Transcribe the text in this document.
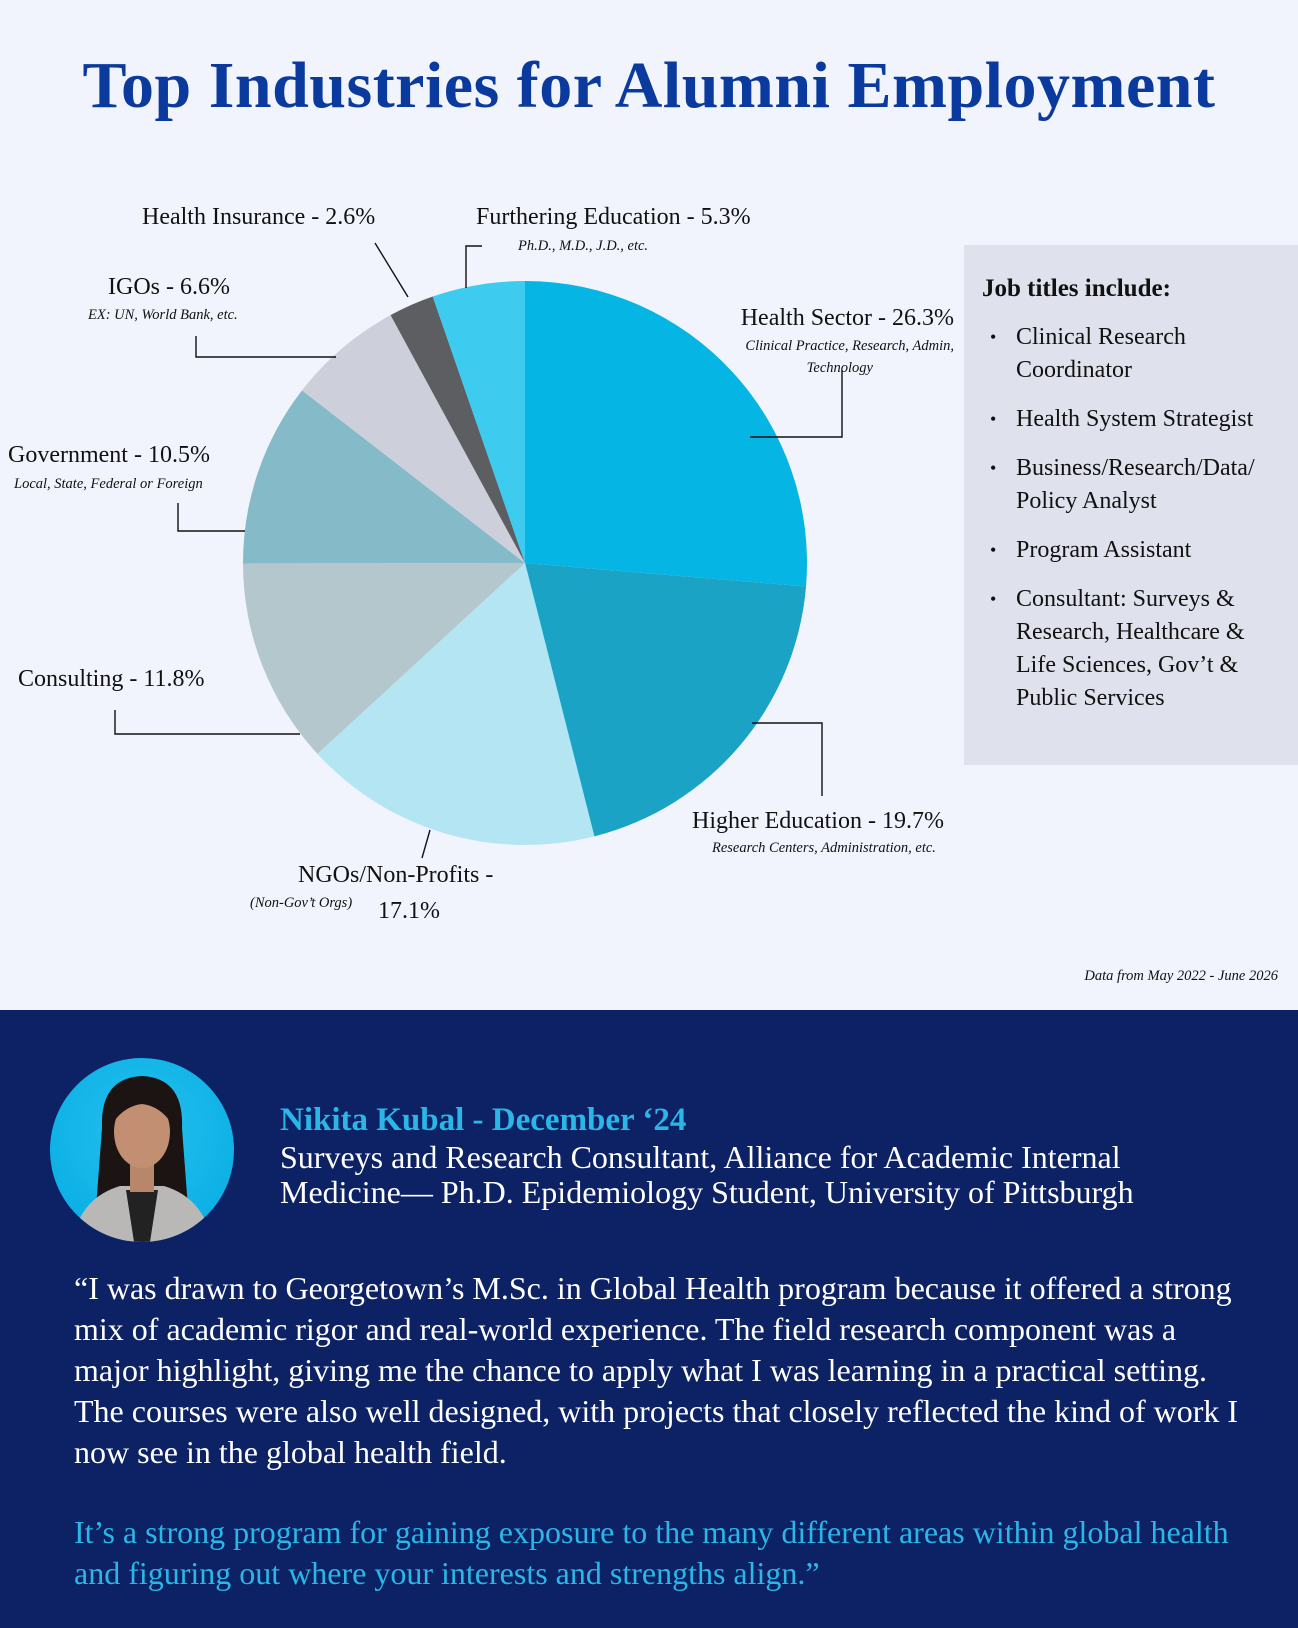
Top Industries for Alumni Employment
Health Sector - 26.3%
Clinical Practice, Research, Admin,
Technology
Higher Education - 19.7%
Research Centers, Administration, etc.
NGOs/Non-Profits -
(Non-Gov’t Orgs) 17.1%
Consulting - 11.8%
Government - 10.5%
Local, State, Federal or Foreign
IGOs - 6.6%
EX: UN, World Bank, etc.
Health Insurance - 2.6%	Furthering Education - 5.3%
Ph.D., M.D., J.D., etc.
Job titles include:
• Clinical Research Coordinator
• Health System Strategist
• Business/Research/Data/ Policy Analyst
• Program Assistant
• Consultant: Surveys & Research, Healthcare & Life Sciences, Gov’t & Public Services
Data from May 2022 - June 2026
Nikita Kubal - December ‘24
Surveys and Research Consultant, Alliance for Academic Internal Medicine— Ph.D. Epidemiology Student, University of Pittsburgh
“I was drawn to Georgetown’s M.Sc. in Global Health program because it offered a strong mix of academic rigor and real-world experience. The field research component was a major highlight, giving me the chance to apply what I was learning in a practical setting. The courses were also well designed, with projects that closely reflected the kind of work I now see in the global health field.
It’s a strong program for gaining exposure to the many different areas within global health and figuring out where your interests and strengths align.”
